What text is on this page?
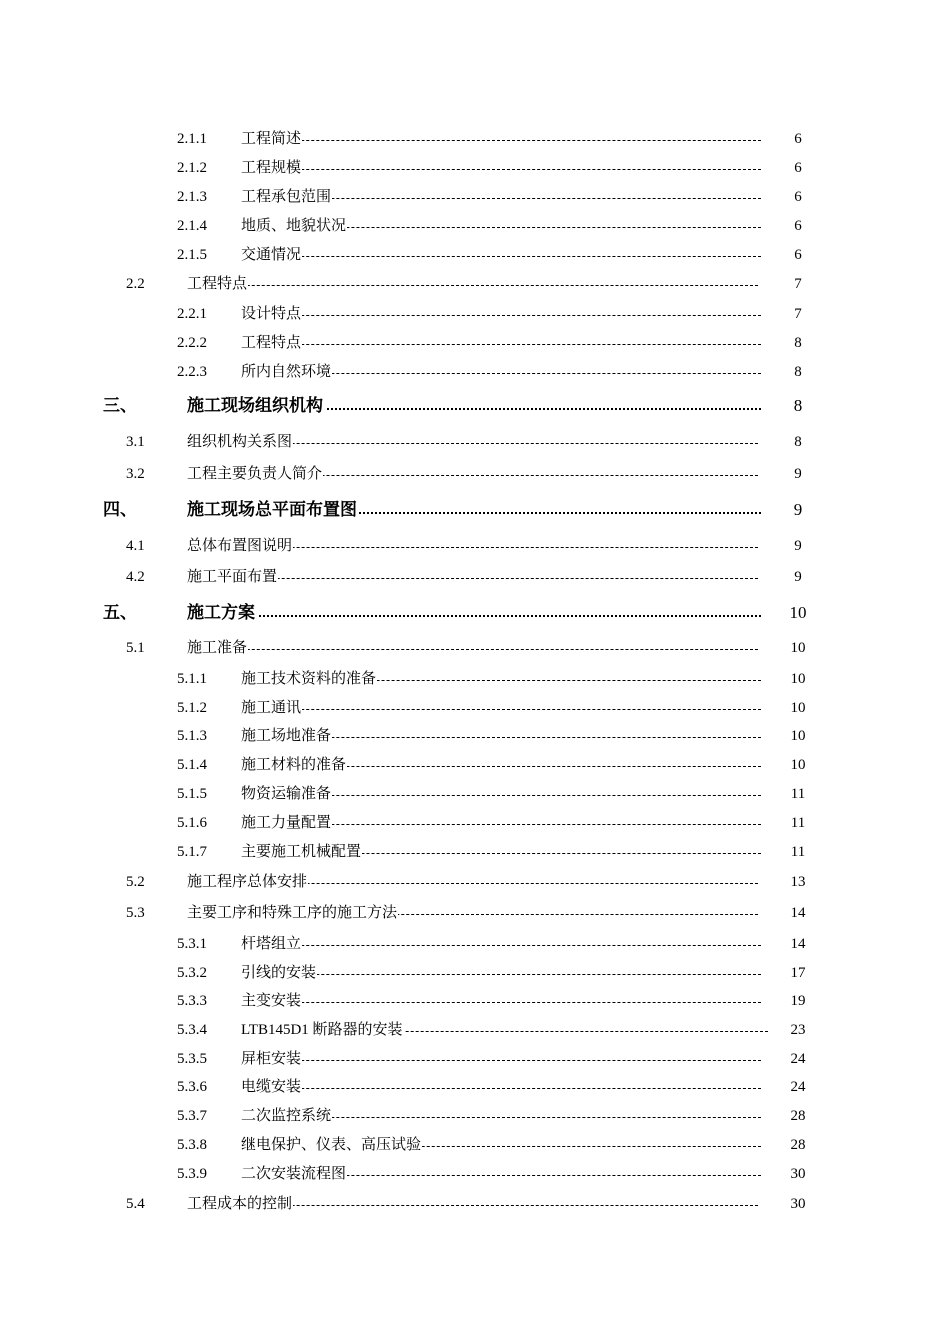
2.1.1 工程简述	6
2.1.2 工程规模	6
2.1.3 工程承包范围	6
2.1.4 地质、地貌状况	6
2.1.5 交通情况	6
2.2	工程特点	7
2.2.1 设计特点	7
2.2.2 工程特点	8
2.2.3 所内自然环境	8
三、	施工现场组织机构	8
3.1	组织机构关系图	8
3.2	工程主要负责人简介	9
四、	施工现场总平面布置图	9
4.1	总体布置图说明	9
4.2	施工平面布置	9
五、	施工方案	10
5.1	施工准备	10
5.1.1 施工技术资料的准备	10
5.1.2 施工通讯	10
5.1.3 施工场地准备	10
5.1.4 施工材料的准备	10
5.1.5 物资运输准备	11
5.1.6 施工力量配置	11
5.1.7 主要施工机械配置	11
5.2	施工程序总体安排	13
5.3	主要工序和特殊工序的施工方法	14
5.3.1 杆塔组立	14
5.3.2 引线的安装	17
5.3.3 主变安装	19
5.3.4 LTB145D1 断路器的安装	23
5.3.5 屏柜安装	24
5.3.6 电缆安装	24
5.3.7 二次监控系统	28
5.3.8 继电保护、仪表、高压试验	28
5.3.9 二次安装流程图	30
5.4	工程成本的控制	30
